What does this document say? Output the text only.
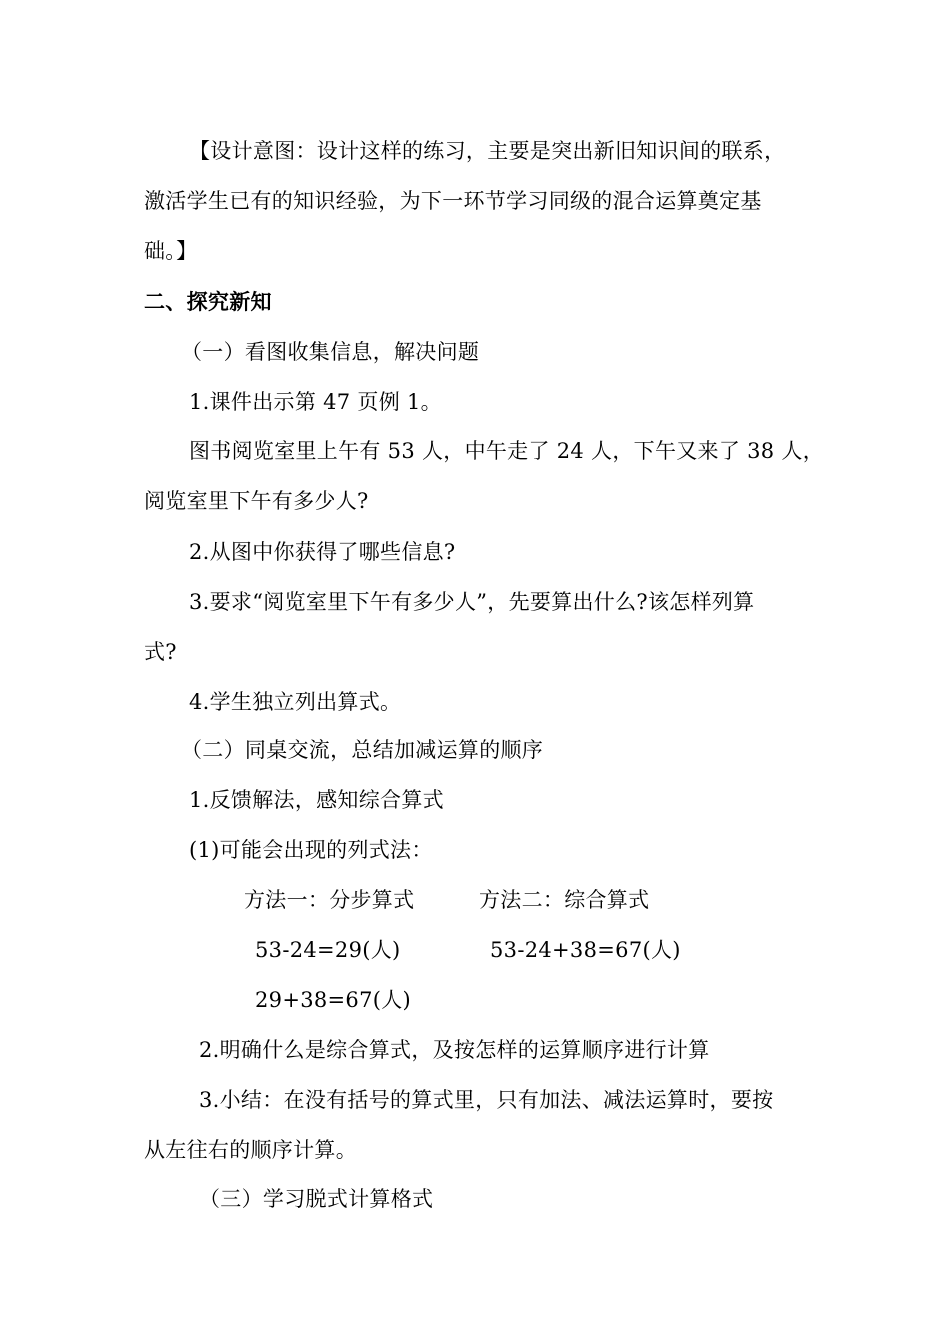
【设计意图：设计这样的练习，主要是突出新旧知识间的联系，

激活学生已有的知识经验，为下一环节学习同级的混合运算奠定基

础。】

二、探究新知

（一）看图收集信息，解决问题

1.课件出示第 47 页例 1。

图书阅览室里上午有 53 人，中午走了 24 人，下午又来了 38 人，

阅览室里下午有多少人?

2.从图中你获得了哪些信息?

3.要求“阅览室里下午有多少人”，先要算出什么?该怎样列算

式?

4.学生独立列出算式。

（二）同桌交流，总结加减运算的顺序

1.反馈解法，感知综合算式

(1)可能会出现的列式法：

方法一：分步算式	方法二：综合算式

53-24=29(人)	53-24+38=67(人)

29+38=67(人)

2.明确什么是综合算式，及按怎样的运算顺序进行计算

3.小结：在没有括号的算式里，只有加法、减法运算时，要按

从左往右的顺序计算。

（三）学习脱式计算格式
